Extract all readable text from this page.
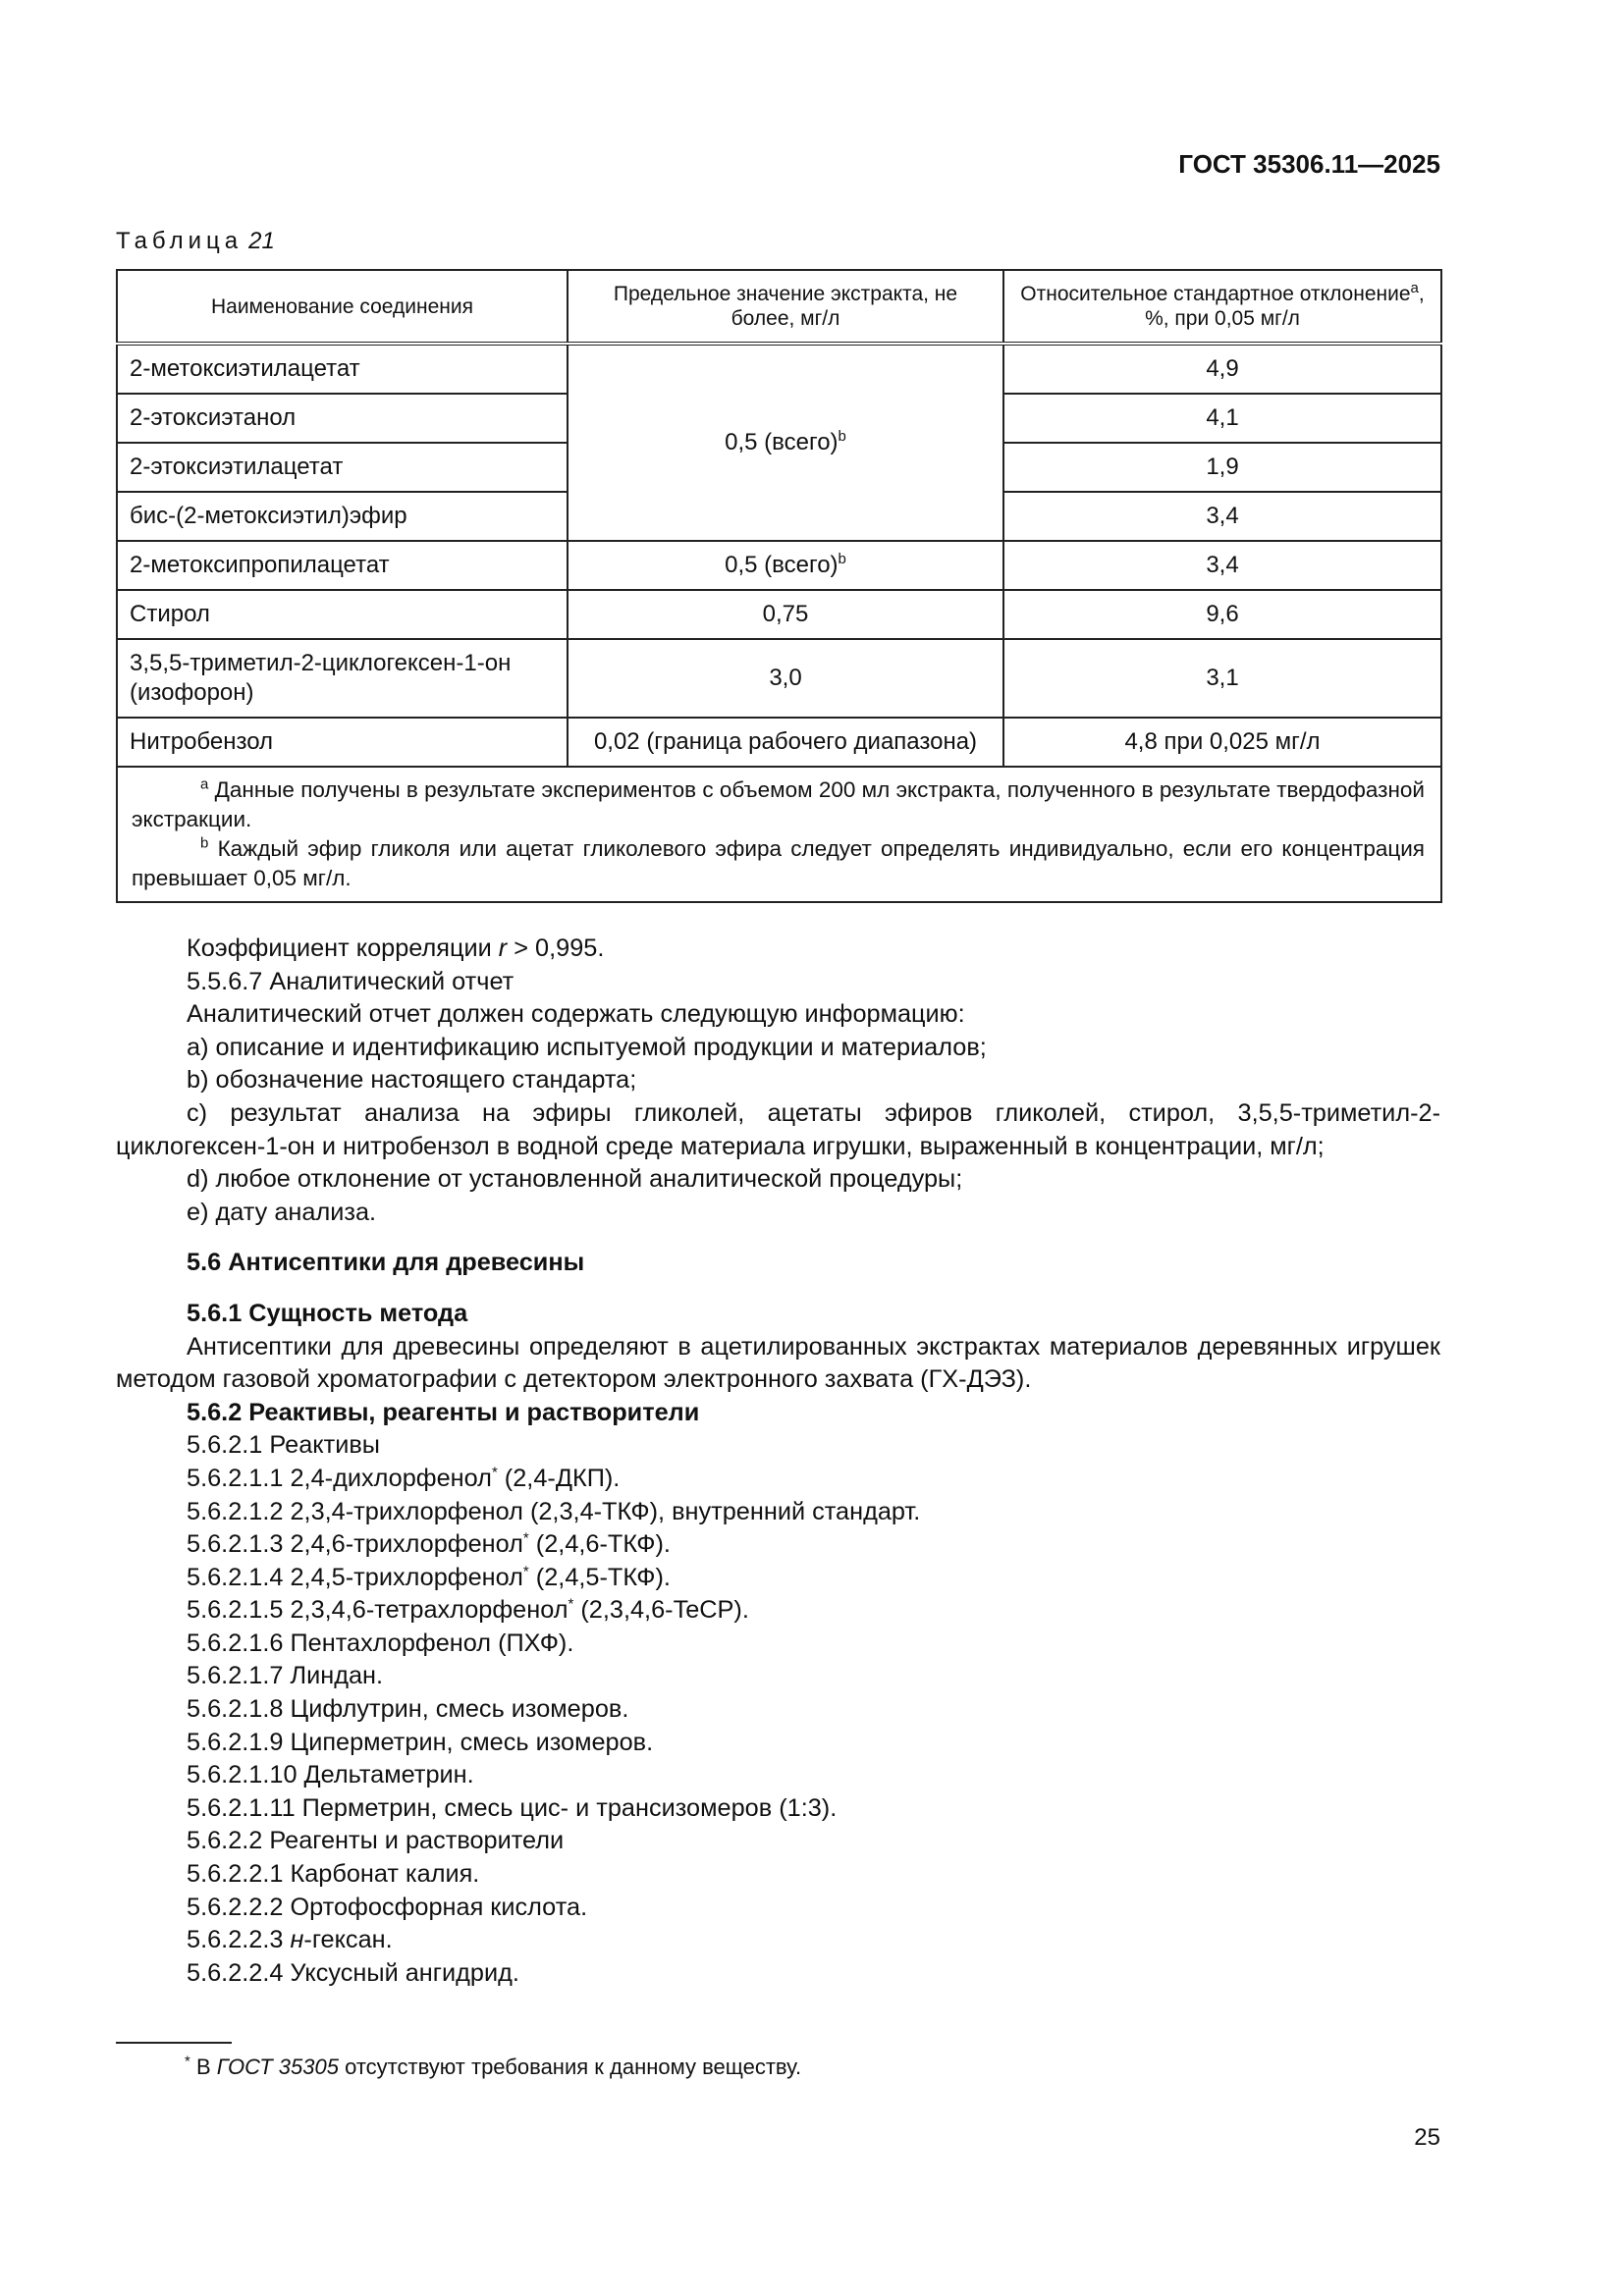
ГОСТ 35306.11—2025
Таблица 21
Наименование соединения	Предельное значение экстракта, не более, мг/л	Относительное стандартное отклонение$^a$, %, при 0,05 мг/л
2-метоксиэтилацетат	0,5 (всего)$^b$	4,9
2-этоксиэтанол		4,1
2-этоксиэтилацетат		1,9
бис-(2-метоксиэтил)эфир		3,4
2-метоксипропилацетат	0,5 (всего)$^b$	3,4
Стирол	0,75	9,6
3,5,5-триметил-2-циклогексен-1-он (изофорон)	3,0	3,1
Нитробензол	0,02 (граница рабочего диапазона)	4,8 при 0,025 мг/л

$^a$ Данные получены в результате экспериментов с объемом 200 мл экстракта, полученного в результате твердофазной экстракции.
$^b$ Каждый эфир гликоля или ацетат гликолевого эфира следует определять индивидуально, если его концентрация превышает 0,05 мг/л.		

Коэффициент корреляции r > 0,995.

5.5.6.7 Аналитический отчет

Аналитический отчет должен содержать следующую информацию:

a) описание и идентификацию испытуемой продукции и материалов;

b) обозначение настоящего стандарта;

c) результат анализа на эфиры гликолей, ацетаты эфиров гликолей, стирол, 3,5,5-триметил-2-циклогексен-1-он и нитробензол в водной среде материала игрушки, выраженный в концентрации, мг/л;

d) любое отклонение от установленной аналитической процедуры;

e) дату анализа.

5.6 Антисептики для древесины

5.6.1 Сущность метода

Антисептики для древесины определяют в ацетилированных экстрактах материалов деревянных игрушек методом газовой хроматографии с детектором электронного захвата (ГХ-ДЭЗ).

5.6.2 Реактивы, реагенты и растворители

5.6.2.1 Реактивы

5.6.2.1.1 2,4-дихлорфенол* (2,4-ДКП).

5.6.2.1.2 2,3,4-трихлорфенол (2,3,4-ТКФ), внутренний стандарт.

5.6.2.1.3 2,4,6-трихлорфенол* (2,4,6-ТКФ).

5.6.2.1.4 2,4,5-трихлорфенол* (2,4,5-ТКФ).

5.6.2.1.5 2,3,4,6-тетрахлорфенол* (2,3,4,6-TeCP).

5.6.2.1.6 Пентахлорфенол (ПХФ).

5.6.2.1.7 Линдан.

5.6.2.1.8 Цифлутрин, смесь изомеров.

5.6.2.1.9 Циперметрин, смесь изомеров.

5.6.2.1.10 Дельтаметрин.

5.6.2.1.11 Перметрин, смесь цис- и трансизомеров (1:3).

5.6.2.2 Реагенты и растворители

5.6.2.2.1 Карбонат калия.

5.6.2.2.2 Ортофосфорная кислота.

5.6.2.2.3 н-гексан.

5.6.2.2.4 Уксусный ангидрид.

* В ГОСТ 35305 отсутствуют требования к данному веществу.
25
